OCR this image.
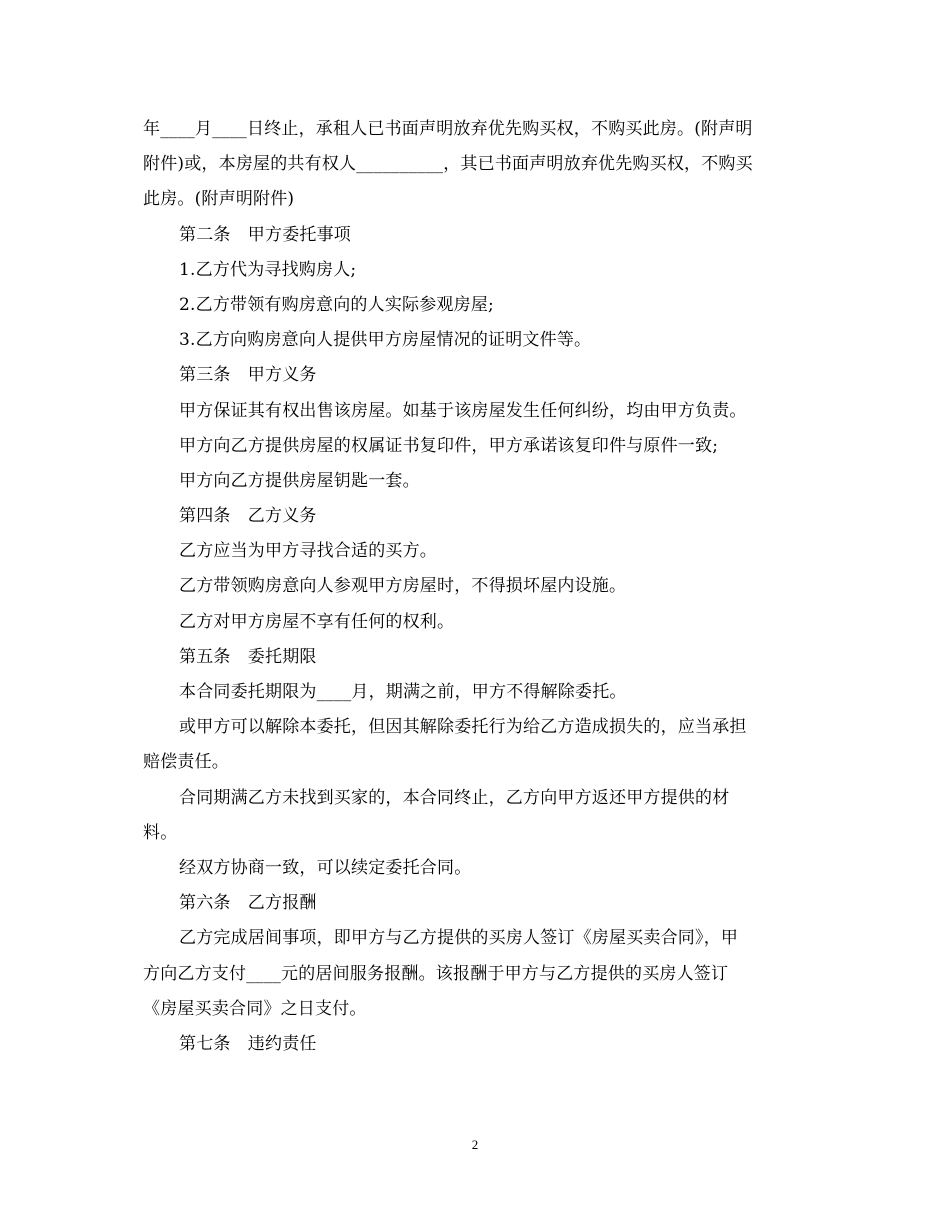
年____月____日终止，承租人已书面声明放弃优先购买权，不购买此房。(附声明
附件)或，本房屋的共有权人__________，其已书面声明放弃优先购买权，不购买
此房。(附声明附件)
第二条　甲方委托事项
1.乙方代为寻找购房人;
2.乙方带领有购房意向的人实际参观房屋;
3.乙方向购房意向人提供甲方房屋情况的证明文件等。
第三条　甲方义务
甲方保证其有权出售该房屋。如基于该房屋发生任何纠纷，均由甲方负责。
甲方向乙方提供房屋的权属证书复印件，甲方承诺该复印件与原件一致;
甲方向乙方提供房屋钥匙一套。
第四条　乙方义务
乙方应当为甲方寻找合适的买方。
乙方带领购房意向人参观甲方房屋时，不得损坏屋内设施。
乙方对甲方房屋不享有任何的权利。
第五条　委托期限
本合同委托期限为____月，期满之前，甲方不得解除委托。
或甲方可以解除本委托，但因其解除委托行为给乙方造成损失的，应当承担
赔偿责任。
合同期满乙方未找到买家的，本合同终止，乙方向甲方返还甲方提供的材
料。
经双方协商一致，可以续定委托合同。
第六条　乙方报酬
乙方完成居间事项，即甲方与乙方提供的买房人签订《房屋买卖合同》，甲
方向乙方支付____元的居间服务报酬。该报酬于甲方与乙方提供的买房人签订
《房屋买卖合同》之日支付。
第七条　违约责任
2
